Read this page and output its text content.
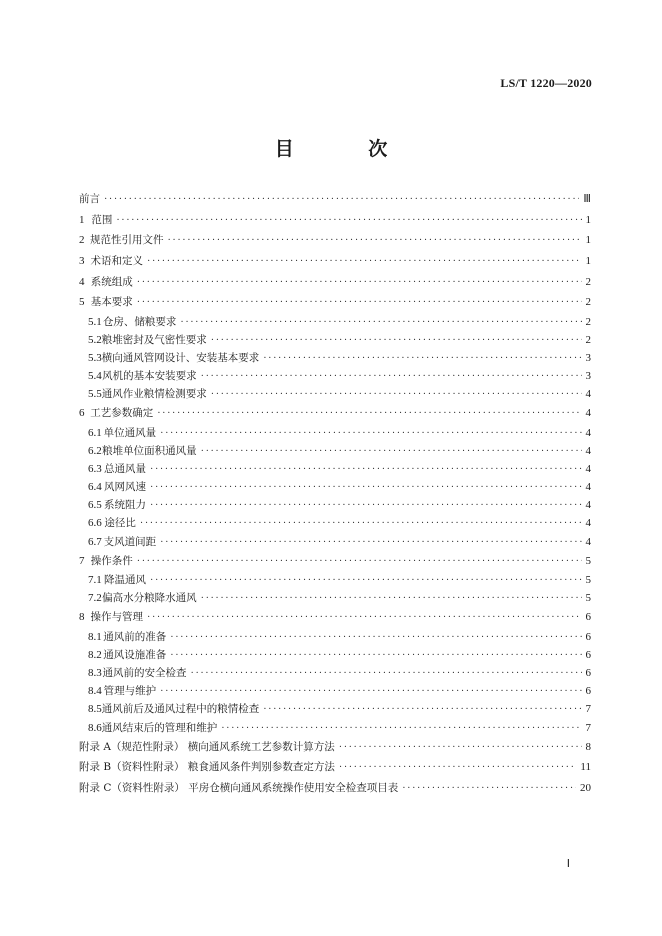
LS/T 1220—2020
目 次
前言 ·····	Ⅲ
1 范围 ·····	1
2 规范性引用文件 ·····	1
3 术语和定义 ·····	1
4 系统组成 ·····	2
5 基本要求 ·····	2
5.1 仓房、储粮要求 ·····	2
5.2 粮堆密封及气密性要求 ·····	2
5.3 横向通风管网设计、安装基本要求 ·····	3
5.4 风机的基本安装要求 ·····	3
5.5 通风作业粮情检测要求 ·····	4
6 工艺参数确定 ·····	4
6.1 单位通风量 ·····	4
6.2 粮堆单位面积通风量 ·····	4
6.3 总通风量 ·····	4
6.4 风网风速 ·····	4
6.5 系统阻力 ·····	4
6.6 途径比 ·····	4
6.7 支风道间距 ·····	4
7 操作条件 ·····	5
7.1 降温通风 ·····	5
7.2 偏高水分粮降水通风 ·····	5
8 操作与管理 ·····	6
8.1 通风前的准备 ·····	6
8.2 通风设施准备 ·····	6
8.3 通风前的安全检查 ·····	6
8.4 管理与维护 ·····	6
8.5 通风前后及通风过程中的粮情检查 ·····	7
8.6 通风结束后的管理和维护 ·····	7
附录 A（规范性附录） 横向通风系统工艺参数计算方法 ·····	8
附录 B（资料性附录） 粮食通风条件判别参数查定方法 ·····	11
附录 C（资料性附录） 平房仓横向通风系统操作使用安全检查项目表 ·····	20
Ⅰ
